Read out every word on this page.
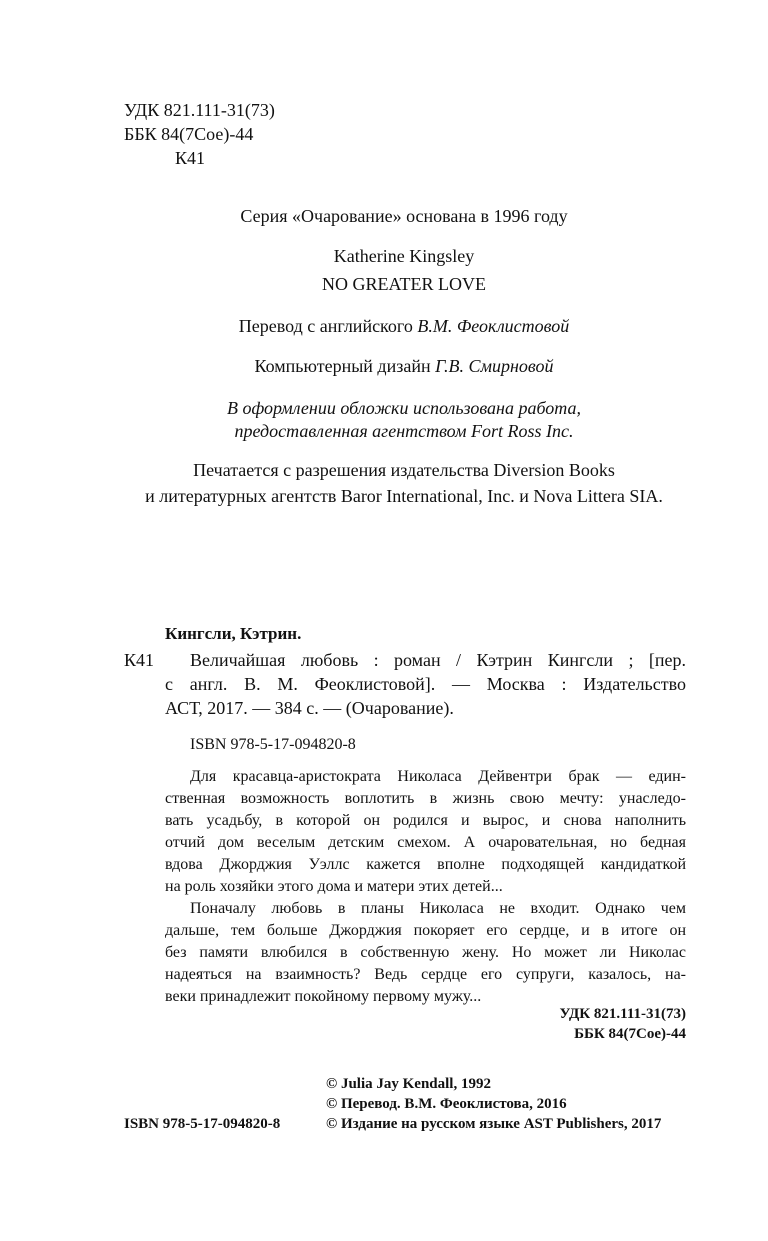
УДК 821.111-31(73)
ББК 84(7Сое)-44
К41
Серия «Очарование» основана в 1996 году
Katherine Kingsley
NO GREATER LOVE
Перевод с английского В.М. Феоклистовой
Компьютерный дизайн Г.В. Смирновой
В оформлении обложки использована работа,
предоставленная агентством Fort Ross Inc.
Печатается с разрешения издательства Diversion Books
и литературных агентств Baror International, Inc. и Nova Littera SIA.
Кингсли, Кэтрин.
К41 Величайшая любовь : роман / Кэтрин Кингсли ; [пер.
с англ. В. М. Феоклистовой]. — Москва : Издательство
АСТ, 2017. — 384 с. — (Очарование).
ISBN 978-5-17-094820-8
Для красавца-аристократа Николаса Дейвентри брак — един-
ственная возможность воплотить в жизнь свою мечту: унаследо-
вать усадьбу, в которой он родился и вырос, и снова наполнить
отчий дом веселым детским смехом. А очаровательная, но бедная
вдова Джорджия Уэллс кажется вполне подходящей кандидаткой
на роль хозяйки этого дома и матери этих детей...
Поначалу любовь в планы Николаса не входит. Однако чем
дальше, тем больше Джорджия покоряет его сердце, и в итоге он
без памяти влюбился в собственную жену. Но может ли Николас
надеяться на взаимность? Ведь сердце его супруги, казалось, на-
веки принадлежит покойному первому мужу...
УДК 821.111-31(73)
ББК 84(7Сое)-44
© Julia Jay Kendall, 1992
© Перевод. В.М. Феоклистова, 2016
ISBN 978-5-17-094820-8	© Издание на русском языке AST Publishers, 2017
